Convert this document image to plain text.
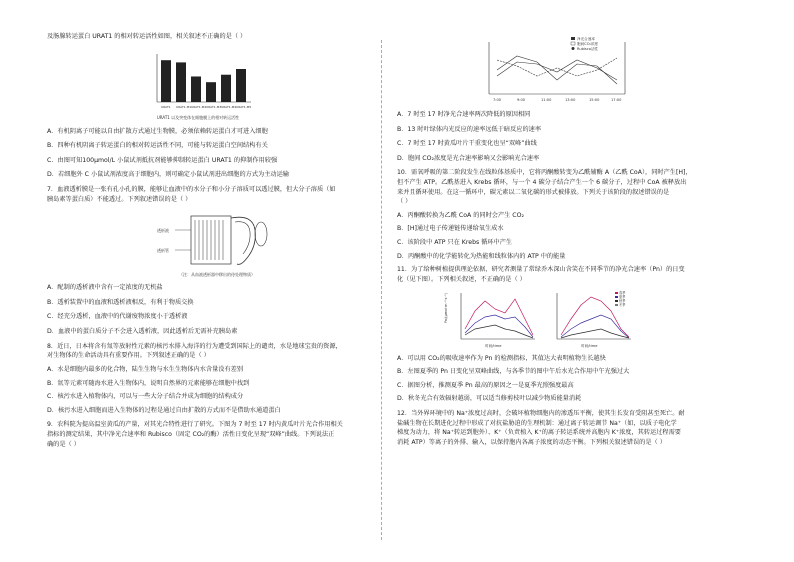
及肠腺转运蛋白 URAT1 的相对转运活性如图，相关叙述不正确的是（ ）

URAT1 URAT1-M1 URAT1-M2 URAT1-M3 URAT1-M4 URAT1-M5
URAT1 以及突变体在细胞膜上的相对转运活性

A．有机阴离子可能以自由扩散方式通过生物膜，必须依赖转运蛋白才可进入细胞

B．四种有机阴离子转运蛋白的相对转运活性不同，可能与转运蛋白空间结构有关

C．由图可知100μmol/L 小鼠试剂抵抗剂能够抑制转运蛋白 URAT1 的抑制作用较强

D．若细胞外 C 小鼠试剂浓度高于细胞内，则可确定小鼠试剂进出细胞的方式为主动运输

7．血液透析膜是一张有孔小孔的膜，能够让血液中的水分子和小分子溶质可以透过膜，但大分子溶质（如

胰岛素等蛋白质）不能透过。下列叙述错误的是（ ）

透析液
透析管
（注：从血液透析器中移出的待处理物质）

A．配制的透析液中含有一定浓度的无机盐

B．透析装置中的血液和透析液相反，有利于物质交换

C．经充分透析，血液中的代谢废物浓度小于透析液

D．血液中的蛋白质分子不会进入透析液，因此透析后无需补充胰岛素

8．近日，日本将含有氚等放射性元素的核污水排入海洋的行为遭受到国际上的谴责，水是地球宝贵的资源，

对生物体的生命活动具有重要作用。下列叙述正确的是（ ）

A．水是细胞内最多的化合物，陆生生物与水生生物体内水含量没有差别

B．氚等元素可随海水进入生物体内，说明自然界的元素能够在细胞中找到

C．核污水进入植物体内，可以与一些大分子结合并成为细胞的结构成分

D．核污水进入细胞而进入生物体的过程是通过自由扩散的方式而不是借助水通道蛋白

9．农科院为提高温室黄瓜的产量，对其光合特性进行了研究。下图为 7 时至 17 时内黄瓜叶片光合作用相关

指标的测定结果，其中净光合速率和 Rubisco（固定 CO₂的酶）活性日变化呈现“双峰”曲线。下列说法正

确的是（ ）

净光合速率
胞间CO₂浓度
Rubisco活性
7:00	9:00	11:00	13:00	15:00	17:00

A．7 时至 17 时净光合速率两次降低的原因相同

B．13 时叶绿体内光反应的速率远低于暗反应的速率

C．7 时至 17 时黄瓜叶片干重变化也呈“双峰”曲线

D．胞间 CO₂浓度是光合速率影响又会影响光合速率

10．需氧呼吸的第二阶段发生在线粒体基质中，它将丙酮酸转变为乙酰辅酶 A（乙酰 CoA），同时产生[H]，

但不产生 ATP。乙酰基进入 Krebs 循环，与一个 4 碳分子结合产生一个 6 碳分子，过程中 CoA 被释放出

来并且循环使用。在这一循环中，碳元素以二氧化碳的形式被排放。下列关于该阶段的叙述错误的是

（ ）

A．丙酮酸转换为乙酰 CoA 的同时会产生 CO₂

B．[H]通过电子传递链传递给氧生成水

C．该阶段中 ATP 只在 Krebs 循环中产生

D．丙酮酸中的化学能转化为热能和线粒体内的 ATP 中的能量

11．为了给种树植提供理论依据，研究者测量了常绿乔木深山含笑在不同季节的净光合速率（Pn）的日变

化（见下图）。下列相关叙述，不正确的是（ ）

Pn/(μmol·m⁻²·s⁻¹)
时间/time	时间/time
春季
夏季
秋季
冬季

A．可以用 CO₂的吸收速率作为 Pn 的检测指标，其值达大表明植物生长越快

B．左图夏季的 Pn 日变化呈双峰曲线，与各季节的图中午后水光合作用中午光强过大

C．据图分析，推测夏季 Pn 最高的原因之一是夏季光照强度最高

D．秋冬光合有效辐射越弱，可以适当修剪枝叶以减少物质能量消耗

12．当外界环境中的 Na⁺浓度过高时，会破坏植物细胞内的渗透压平衡，使其生长发育受阻甚至死亡。耐

盐碱生物在长期进化过程中形成了对抗盐胁迫的生理机制：通过离子转运调节 Na⁺（如，以质子电化学

梯度为动力，将 Na⁺转运到胞外）、K⁺（负责植入 K⁺的离子转运系统并高胞内 K⁺浓度，其转运过程需要

消耗 ATP）等离子的外排、输入，以保持胞内各离子浓度的动态平衡。下列相关叙述错误的是（ ）
